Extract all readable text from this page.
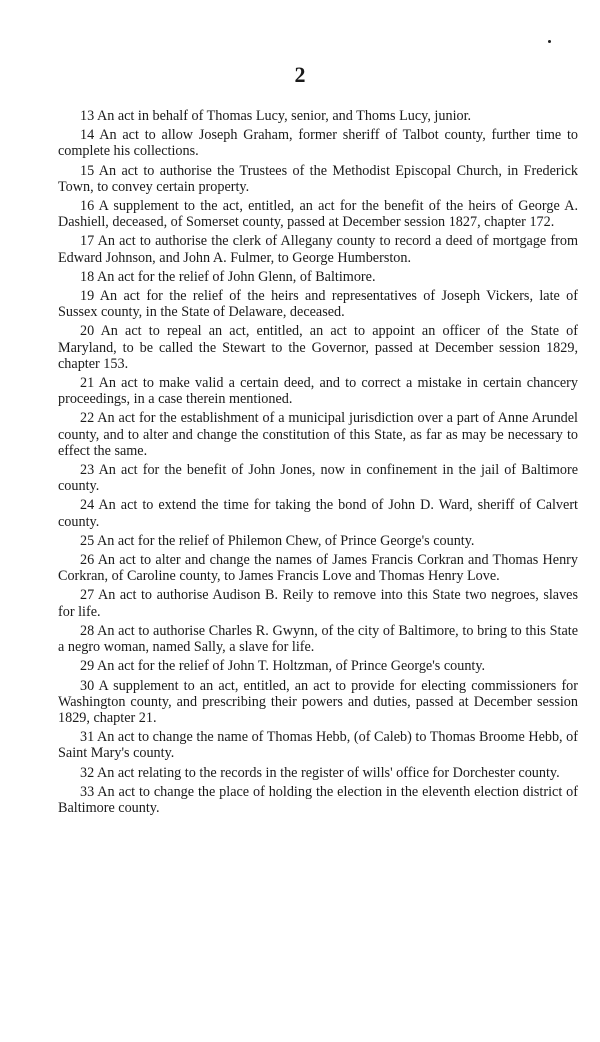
2

13 An act in behalf of Thomas Lucy, senior, and Thoms Lucy, junior.

14 An act to allow Joseph Graham, former sheriff of Talbot county, further time to complete his collections.

15 An act to authorise the Trustees of the Methodist Episcopal Church, in Frederick Town, to convey certain property.

16 A supplement to the act, entitled, an act for the benefit of the heirs of George A. Dashiell, deceased, of Somerset county, passed at December session 1827, chapter 172.

17 An act to authorise the clerk of Allegany county to record a deed of mortgage from Edward Johnson, and John A. Fulmer, to George Humberston.

18 An act for the relief of John Glenn, of Baltimore.

19 An act for the relief of the heirs and representatives of Joseph Vickers, late of Sussex county, in the State of Delaware, deceased.

20 An act to repeal an act, entitled, an act to appoint an officer of the State of Maryland, to be called the Stewart to the Governor, passed at December session 1829, chapter 153.

21 An act to make valid a certain deed, and to correct a mistake in certain chancery proceedings, in a case therein mentioned.

22 An act for the establishment of a municipal jurisdiction over a part of Anne Arundel county, and to alter and change the constitution of this State, as far as may be necessary to effect the same.

23 An act for the benefit of John Jones, now in confinement in the jail of Baltimore county.

24 An act to extend the time for taking the bond of John D. Ward, sheriff of Calvert county.

25 An act for the relief of Philemon Chew, of Prince George's county.

26 An act to alter and change the names of James Francis Corkran and Thomas Henry Corkran, of Caroline county, to James Francis Love and Thomas Henry Love.

27 An act to authorise Audison B. Reily to remove into this State two negroes, slaves for life.

28 An act to authorise Charles R. Gwynn, of the city of Baltimore, to bring to this State a negro woman, named Sally, a slave for life.

29 An act for the relief of John T. Holtzman, of Prince George's county.

30 A supplement to an act, entitled, an act to provide for electing commissioners for Washington county, and prescribing their powers and duties, passed at December session 1829, chapter 21.

31 An act to change the name of Thomas Hebb, (of Caleb) to Thomas Broome Hebb, of Saint Mary's county.

32 An act relating to the records in the register of wills' office for Dorchester county.

33 An act to change the place of holding the election in the eleventh election district of Baltimore county.
